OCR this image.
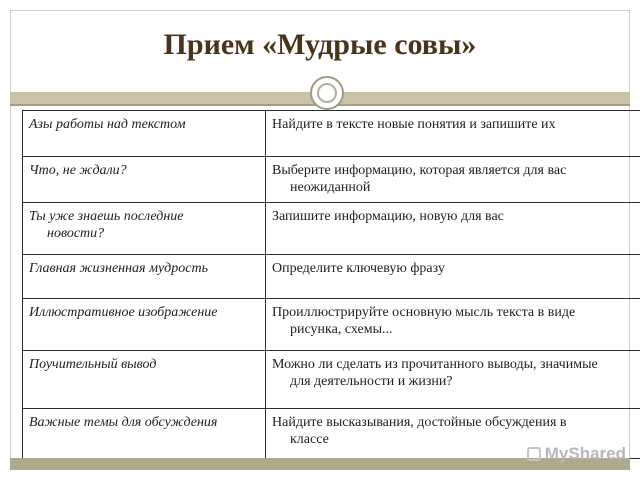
Прием «Мудрые совы»
Азы работы над текстом	Найдите в тексте новые понятия и запишите их
Что, не ждали?	Выберите информацию, которая является для вас
неожиданной

Ты уже знаешь последние
новости?	Запишите информацию, новую для вас
Главная жизненная мудрость	Определите ключевую фразу
Иллюстративное изображение	Проиллюстрируйте основную мысль текста в виде
рисунка, схемы...

Поучительный вывод	Можно ли сделать из прочитанного выводы, значимые
для деятельности и жизни?

Важные темы для обсуждения	Найдите высказывания, достойные обсуждения в
классе
MyShared
